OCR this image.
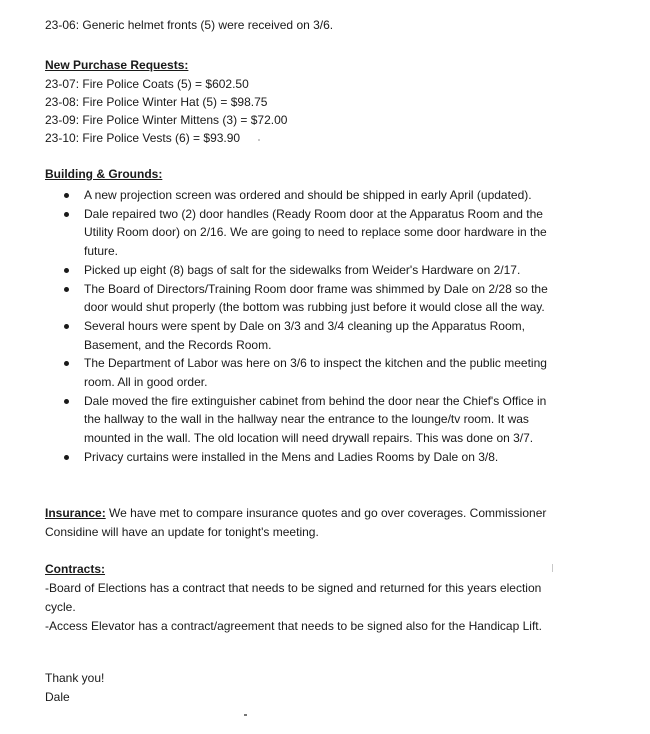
23-06: Generic helmet fronts (5) were received on 3/6.
New Purchase Requests:
23-07: Fire Police Coats (5) = $602.50
23-08: Fire Police Winter Hat (5) = $98.75
23-09: Fire Police Winter Mittens (3) = $72.00
23-10: Fire Police Vests (6) = $93.90
Building & Grounds:
A new projection screen was ordered and should be shipped in early April (updated).
Dale repaired two (2) door handles (Ready Room door at the Apparatus Room and the Utility Room door) on 2/16. We are going to need to replace some door hardware in the future.
Picked up eight (8) bags of salt for the sidewalks from Weider's Hardware on 2/17.
The Board of Directors/Training Room door frame was shimmed by Dale on 2/28 so the door would shut properly (the bottom was rubbing just before it would close all the way.
Several hours were spent by Dale on 3/3 and 3/4 cleaning up the Apparatus Room, Basement, and the Records Room.
The Department of Labor was here on 3/6 to inspect the kitchen and the public meeting room. All in good order.
Dale moved the fire extinguisher cabinet from behind the door near the Chief's Office in the hallway to the wall in the hallway near the entrance to the lounge/tv room. It was mounted in the wall. The old location will need drywall repairs. This was done on 3/7.
Privacy curtains were installed in the Mens and Ladies Rooms by Dale on 3/8.
Insurance: We have met to compare insurance quotes and go over coverages. Commissioner Considine will have an update for tonight's meeting.
Contracts:
-Board of Elections has a contract that needs to be signed and returned for this years election cycle.
-Access Elevator has a contract/agreement that needs to be signed also for the Handicap Lift.
Thank you!
Dale
